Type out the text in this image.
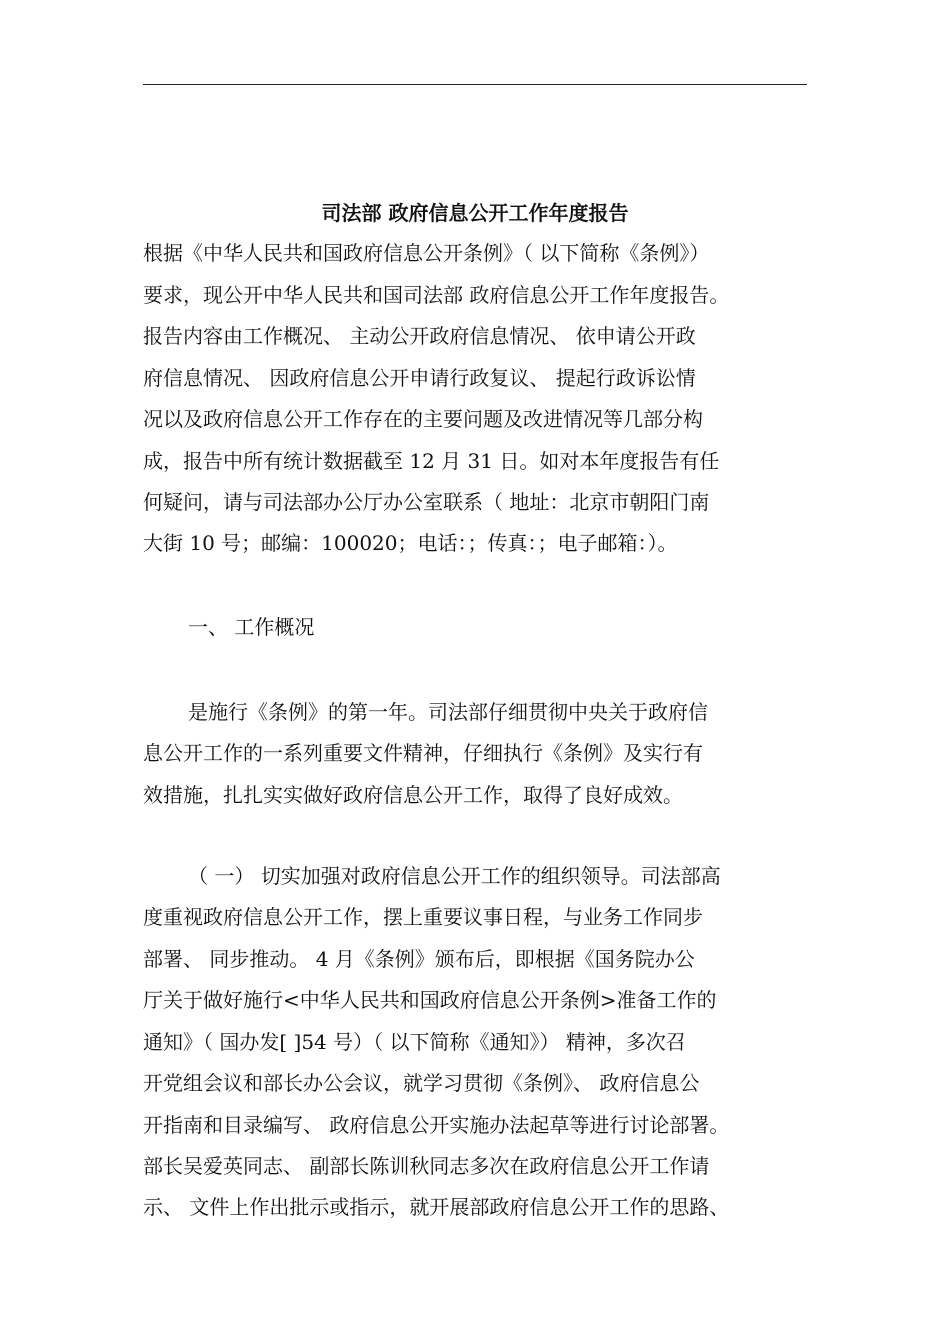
司法部 政府信息公开工作年度报告
根据《中华人民共和国政府信息公开条例》（ 以下简称《条例》）
要求，现公开中华人民共和国司法部 政府信息公开工作年度报告。
报告内容由工作概况、 主动公开政府信息情况、 依申请公开政
府信息情况、 因政府信息公开申请行政复议、 提起行政诉讼情
况以及政府信息公开工作存在的主要问题及改进情况等几部分构
成，报告中所有统计数据截至 12 月 31 日。如对本年度报告有任
何疑问，请与司法部办公厅办公室联系（ 地址：北京市朝阳门南
大街 10 号；邮编：100020；电话：；传真：；电子邮箱：）。
一、 工作概况
是施行《条例》的第一年。司法部仔细贯彻中央关于政府信
息公开工作的一系列重要文件精神，仔细执行《条例》及实行有
效措施，扎扎实实做好政府信息公开工作，取得了良好成效。
（ 一） 切实加强对政府信息公开工作的组织领导。司法部高
度重视政府信息公开工作，摆上重要议事日程，与业务工作同步
部署、 同步推动。 4 月《条例》颁布后，即根据《国务院办公
厅关于做好施行<中华人民共和国政府信息公开条例>准备工作的
通知》（ 国办发[ ]54 号）（ 以下简称《通知》） 精神，多次召
开党组会议和部长办公会议，就学习贯彻《条例》、 政府信息公
开指南和目录编写、 政府信息公开实施办法起草等进行讨论部署。
部长吴爱英同志、 副部长陈训秋同志多次在政府信息公开工作请
示、 文件上作出批示或指示，就开展部政府信息公开工作的思路、
